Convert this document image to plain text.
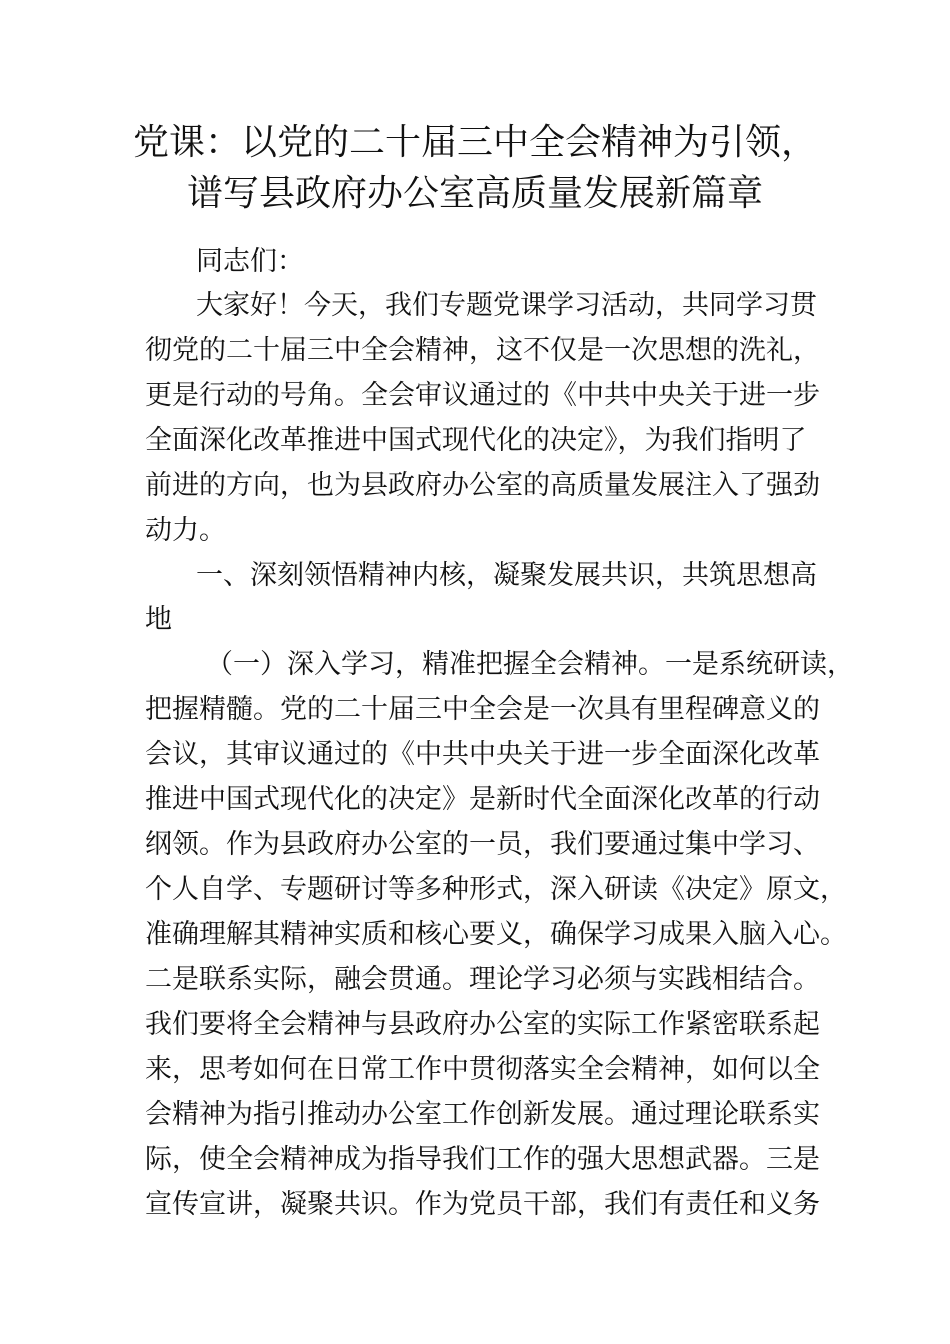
党课：以党的二十届三中全会精神为引领，
谱写县政府办公室高质量发展新篇章

同志们：

大家好！今天，我们专题党课学习活动，共同学习贯

彻党的二十届三中全会精神，这不仅是一次思想的洗礼，

更是行动的号角。全会审议通过的《中共中央关于进一步

全面深化改革推进中国式现代化的决定》，为我们指明了

前进的方向，也为县政府办公室的高质量发展注入了强劲

动力。

一、深刻领悟精神内核，凝聚发展共识，共筑思想高

地

（一）深入学习，精准把握全会精神。一是系统研读，

把握精髓。党的二十届三中全会是一次具有里程碑意义的

会议，其审议通过的《中共中央关于进一步全面深化改革

推进中国式现代化的决定》是新时代全面深化改革的行动

纲领。作为县政府办公室的一员，我们要通过集中学习、

个人自学、专题研讨等多种形式，深入研读《决定》原文，

准确理解其精神实质和核心要义，确保学习成果入脑入心。

二是联系实际，融会贯通。理论学习必须与实践相结合。

我们要将全会精神与县政府办公室的实际工作紧密联系起

来，思考如何在日常工作中贯彻落实全会精神，如何以全

会精神为指引推动办公室工作创新发展。通过理论联系实

际，使全会精神成为指导我们工作的强大思想武器。三是

宣传宣讲，凝聚共识。作为党员干部，我们有责任和义务
